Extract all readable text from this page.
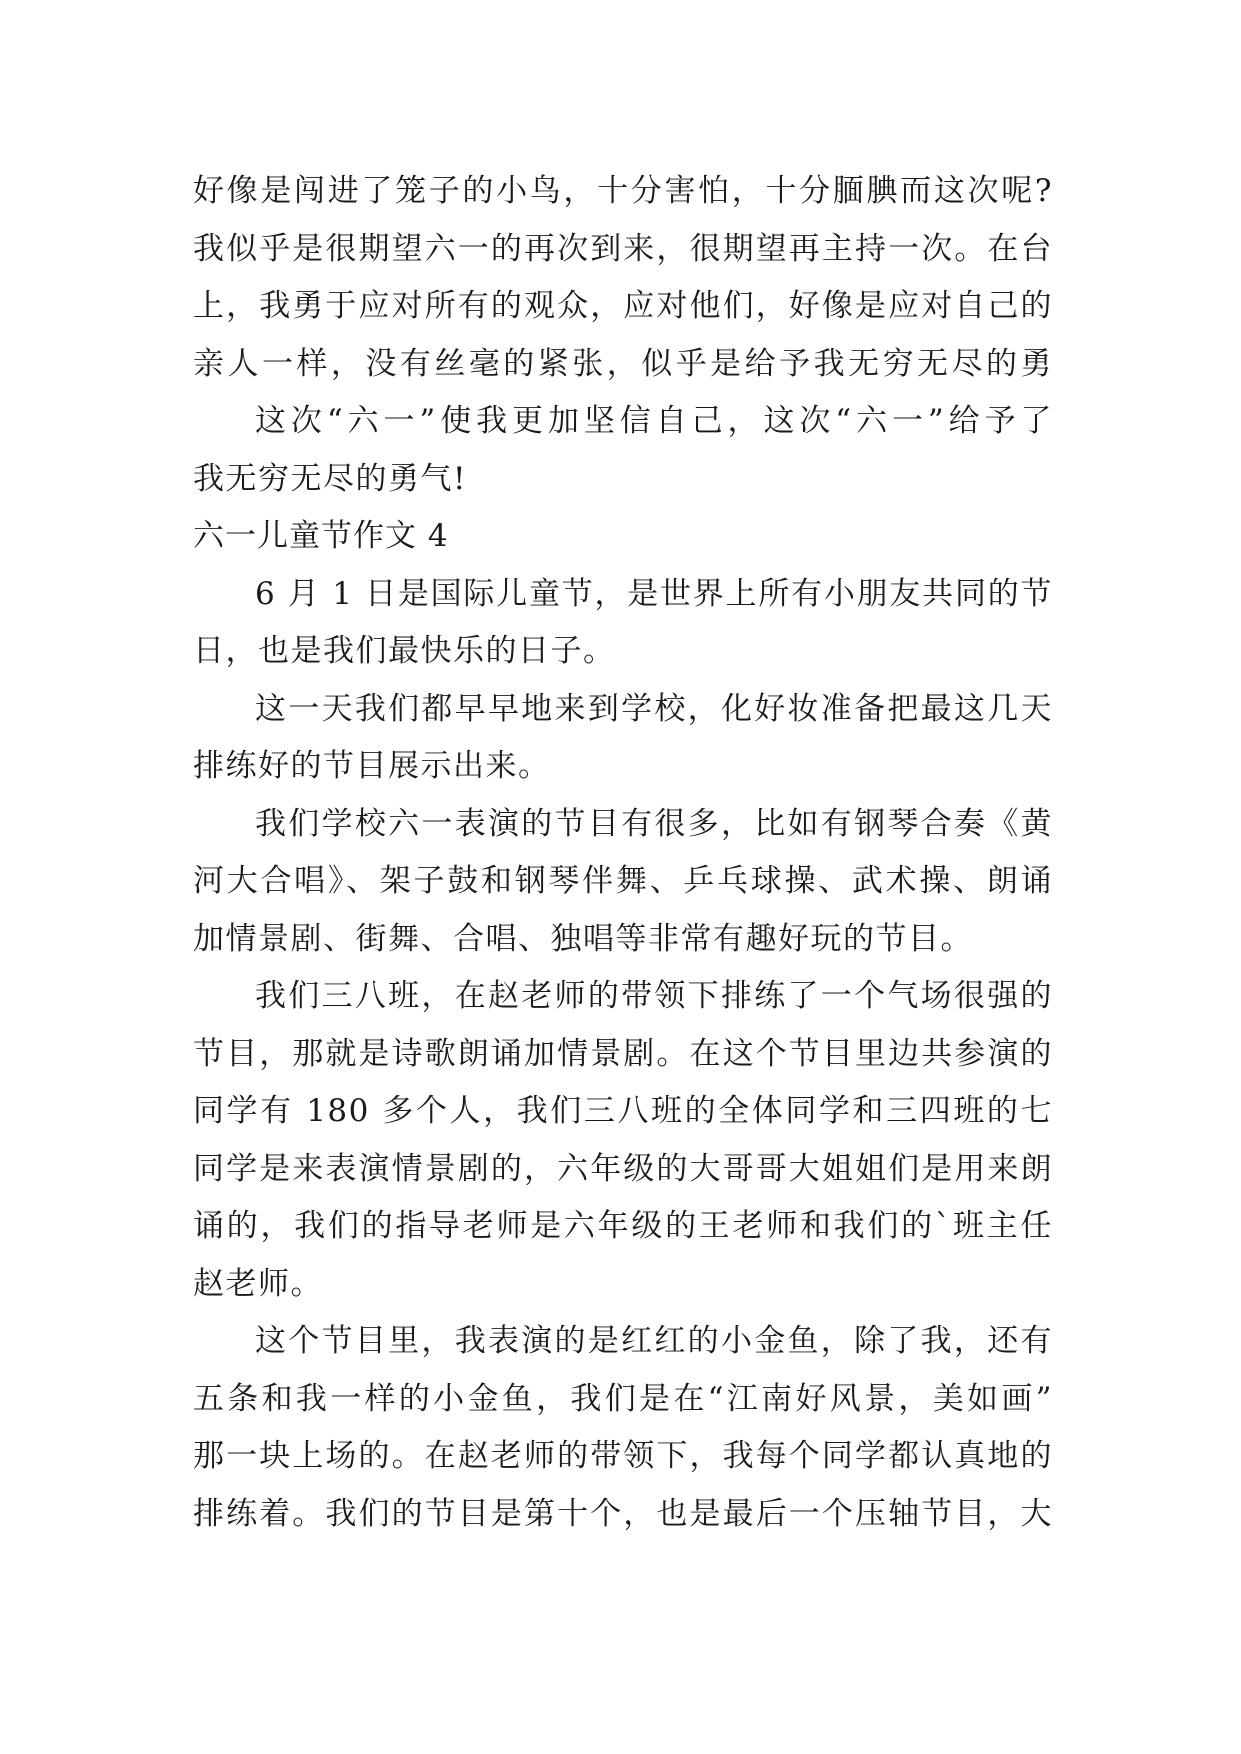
好像是闯进了笼子的小鸟，十分害怕，十分腼腆而这次呢?
我似乎是很期望六一的再次到来，很期望再主持一次。在台
上，我勇于应对所有的观众，应对他们，好像是应对自己的
亲人一样，没有丝毫的紧张，似乎是给予我无穷无尽的勇
这次“六一”使我更加坚信自己，这次“六一”给予了
我无穷无尽的勇气!
六一儿童节作文 4
6 月 1 日是国际儿童节，是世界上所有小朋友共同的节
日，也是我们最快乐的日子。
这一天我们都早早地来到学校，化好妆准备把最这几天
排练好的节目展示出来。
我们学校六一表演的节目有很多，比如有钢琴合奏《黄
河大合唱》、架子鼓和钢琴伴舞、乒乓球操、武术操、朗诵
加情景剧、街舞、合唱、独唱等非常有趣好玩的节目。
我们三八班，在赵老师的带领下排练了一个气场很强的
节目，那就是诗歌朗诵加情景剧。在这个节目里边共参演的
同学有 180 多个人，我们三八班的全体同学和三四班的七
同学是来表演情景剧的，六年级的大哥哥大姐姐们是用来朗
诵的，我们的指导老师是六年级的王老师和我们的`班主任
赵老师。
这个节目里，我表演的是红红的小金鱼，除了我，还有
五条和我一样的小金鱼，我们是在“江南好风景，美如画”
那一块上场的。在赵老师的带领下，我每个同学都认真地的
排练着。我们的节目是第十个，也是最后一个压轴节目，大
